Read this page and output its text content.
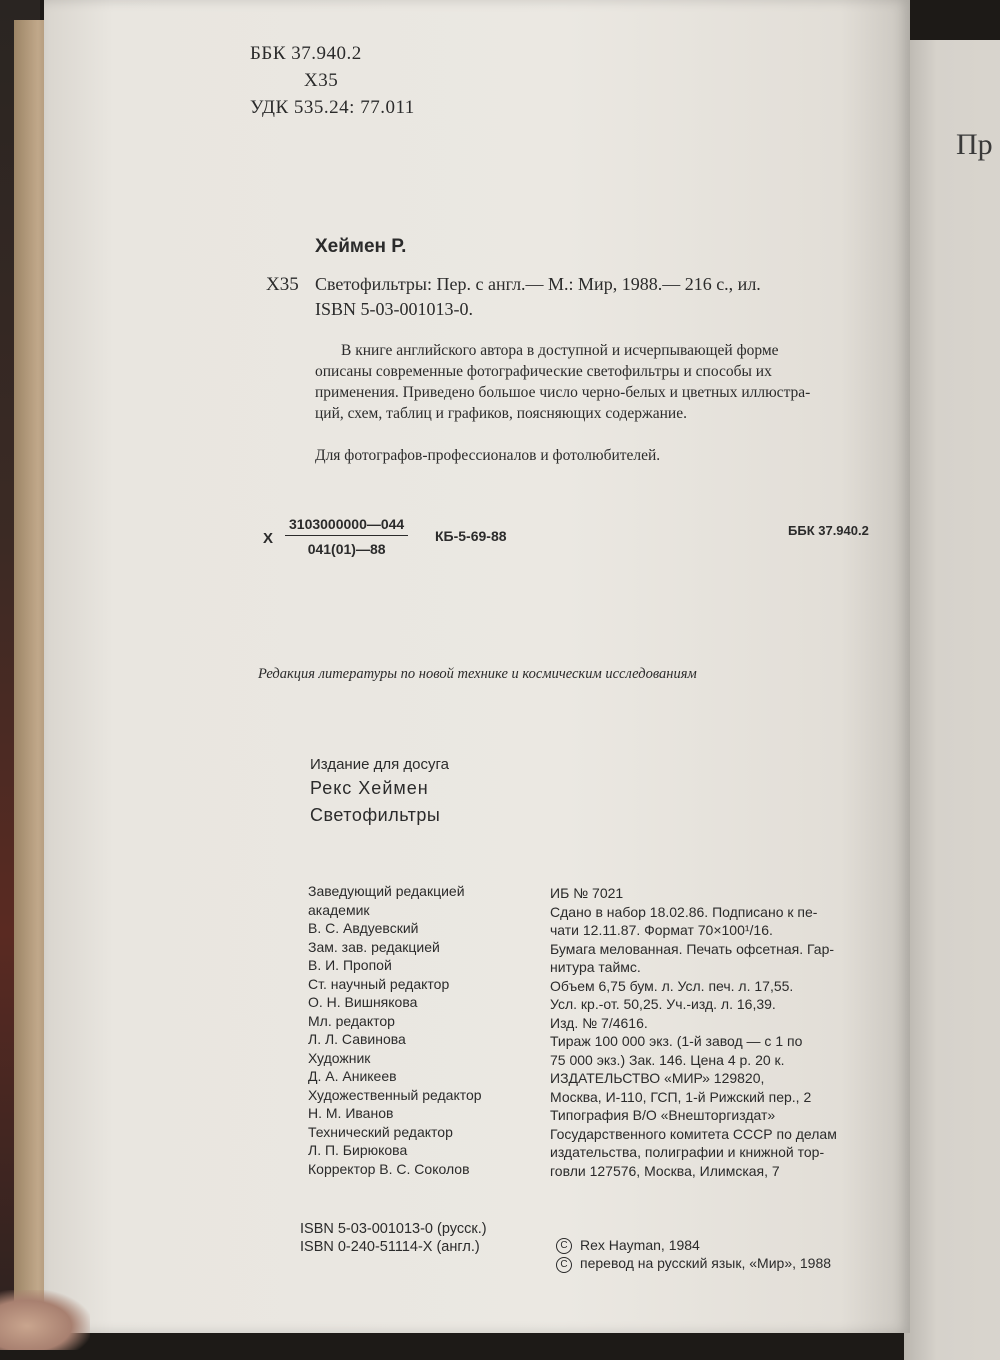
Пр
ББК 37.940.2
X35
УДК 535.24: 77.011
Хеймен Р.
X35 Светофильтры: Пер. с англ.— М.: Мир, 1988.— 216 с., ил.
ISBN 5-03-001013-0.
В книге английского автора в доступной и исчерпывающей форме
описаны современные фотографические светофильтры и способы их
применения. Приведено большое число черно-белых и цветных иллюстра-
ций, схем, таблиц и графиков, поясняющих содержание.
Для фотографов-профессионалов и фотолюбителей.
Х $\frac{3103000000—044}{041(01)—88} КБ-5-69-88$	ББК 37.940.2
Редакция литературы по новой технике и космическим исследованиям
Издание для досуга
Рекс Хеймен
Светофильтры
Заведующий редакцией
академик
В. С. Авдуевский
Зам. зав. редакцией
В. И. Пропой
Ст. научный редактор
О. Н. Вишнякова
Мл. редактор
Л. Л. Савинова
Художник
Д. А. Аникеев
Художественный редактор
Н. М. Иванов
Технический редактор
Л. П. Бирюкова
Корректор В. С. Соколов
ИБ № 7021
Сдано в набор 18.02.86. Подписано к пе-
чати 12.11.87. Формат 70×100¹/16.
Бумага мелованная. Печать офсетная. Гар-
нитура таймс.
Объем 6,75 бум. л. Усл. печ. л. 17,55.
Усл. кр.-от. 50,25. Уч.-изд. л. 16,39.
Изд. № 7/4616.
Тираж 100 000 экз. (1-й завод — с 1 по
75 000 экз.) Зак. 146. Цена 4 р. 20 к.
ИЗДАТЕЛЬСТВО «МИР» 129820,
Москва, И-110, ГСП, 1-й Рижский пер., 2
Типография В/О «Внешторгиздат»
Государственного комитета СССР по делам
издательства, полиграфии и книжной тор-
говли 127576, Москва, Илимская, 7
ISBN 5-03-001013-0 (русск.)
ISBN 0-240-51114-Х (англ.)	C Rex Hayman, 1984
C перевод на русский язык, «Мир», 1988
